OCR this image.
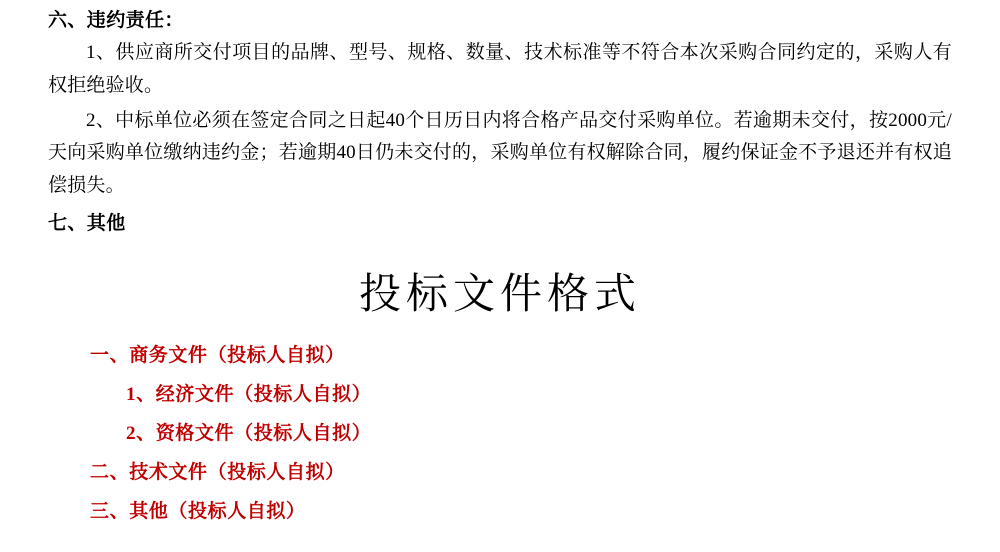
六、违约责任：

1、供应商所交付项目的品牌、型号、规格、数量、技术标准等不符合本次采购合同约定的，采购人有权拒绝验收。

2、中标单位必须在签定合同之日起40个日历日内将合格产品交付采购单位。若逾期未交付，按2000元/天向采购单位缴纳违约金；若逾期40日仍未交付的，采购单位有权解除合同，履约保证金不予退还并有权追偿损失。

七、其他
投标文件格式
一、商务文件（投标人自拟）
1、经济文件（投标人自拟）
2、资格文件（投标人自拟）
二、技术文件（投标人自拟）
三、其他（投标人自拟）
